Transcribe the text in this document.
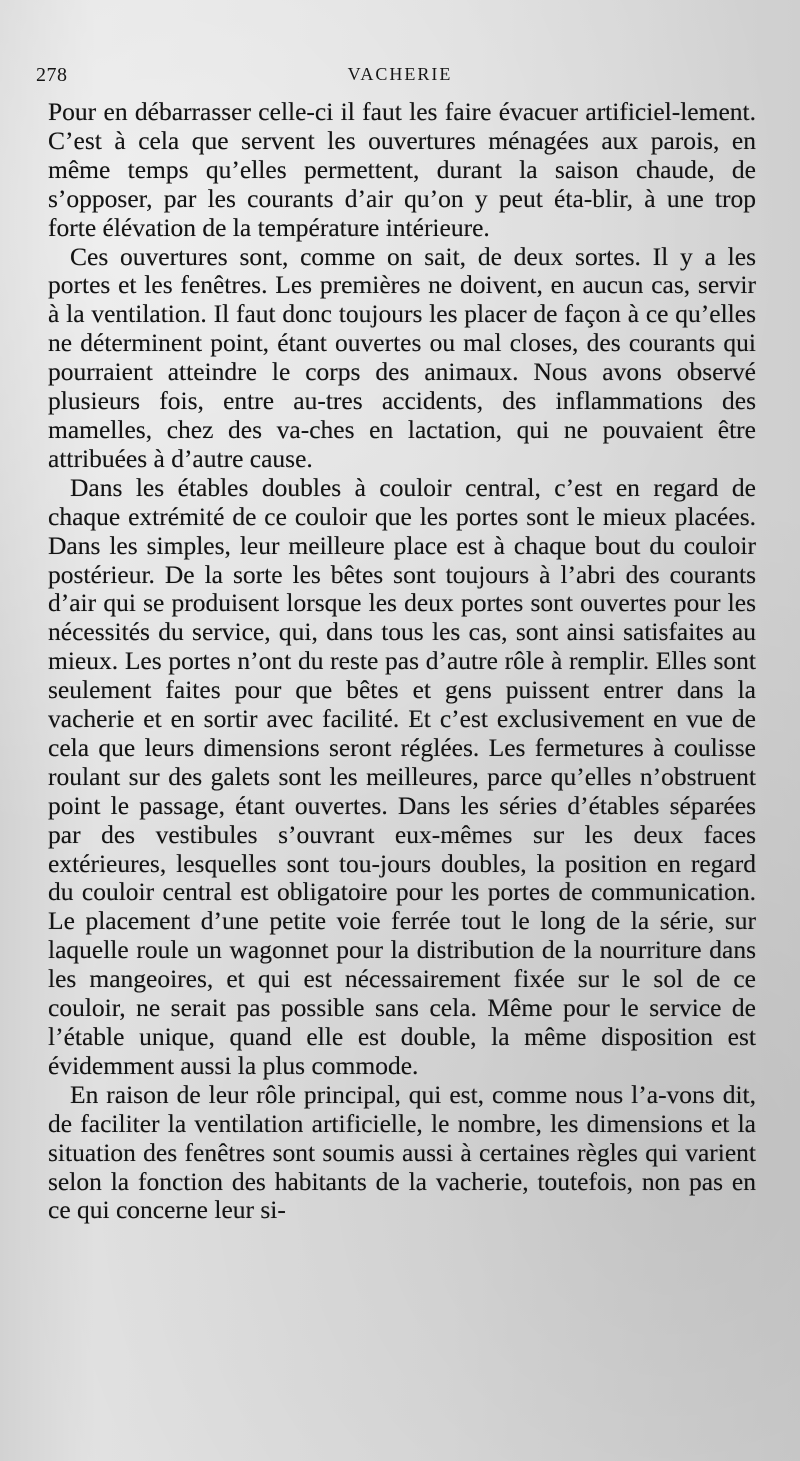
278	VACHERIE

Pour en débarrasser celle-ci il faut les faire évacuer artificiel-lement. C’est à cela que servent les ouvertures ménagées aux parois, en même temps qu’elles permettent, durant la saison chaude, de s’opposer, par les courants d’air qu’on y peut éta-blir, à une trop forte élévation de la température intérieure.

Ces ouvertures sont, comme on sait, de deux sortes. Il y a les portes et les fenêtres. Les premières ne doivent, en aucun cas, servir à la ventilation. Il faut donc toujours les placer de façon à ce qu’elles ne déterminent point, étant ouvertes ou mal closes, des courants qui pourraient atteindre le corps des animaux. Nous avons observé plusieurs fois, entre au-tres accidents, des inflammations des mamelles, chez des va-ches en lactation, qui ne pouvaient être attribuées à d’autre cause.

Dans les étables doubles à couloir central, c’est en regard de chaque extrémité de ce couloir que les portes sont le mieux placées. Dans les simples, leur meilleure place est à chaque bout du couloir postérieur. De la sorte les bêtes sont toujours à l’abri des courants d’air qui se produisent lorsque les deux portes sont ouvertes pour les nécessités du service, qui, dans tous les cas, sont ainsi satisfaites au mieux. Les portes n’ont du reste pas d’autre rôle à remplir. Elles sont seulement faites pour que bêtes et gens puissent entrer dans la vacherie et en sortir avec facilité. Et c’est exclusivement en vue de cela que leurs dimensions seront réglées. Les fermetures à coulisse roulant sur des galets sont les meilleures, parce qu’elles n’obstruent point le passage, étant ouvertes. Dans les séries d’étables séparées par des vestibules s’ouvrant eux-mêmes sur les deux faces extérieures, lesquelles sont tou-jours doubles, la position en regard du couloir central est obligatoire pour les portes de communication. Le placement d’une petite voie ferrée tout le long de la série, sur laquelle roule un wagonnet pour la distribution de la nourriture dans les mangeoires, et qui est nécessairement fixée sur le sol de ce couloir, ne serait pas possible sans cela. Même pour le service de l’étable unique, quand elle est double, la même disposition est évidemment aussi la plus commode.

En raison de leur rôle principal, qui est, comme nous l’a-vons dit, de faciliter la ventilation artificielle, le nombre, les dimensions et la situation des fenêtres sont soumis aussi à certaines règles qui varient selon la fonction des habitants de la vacherie, toutefois, non pas en ce qui concerne leur si-
